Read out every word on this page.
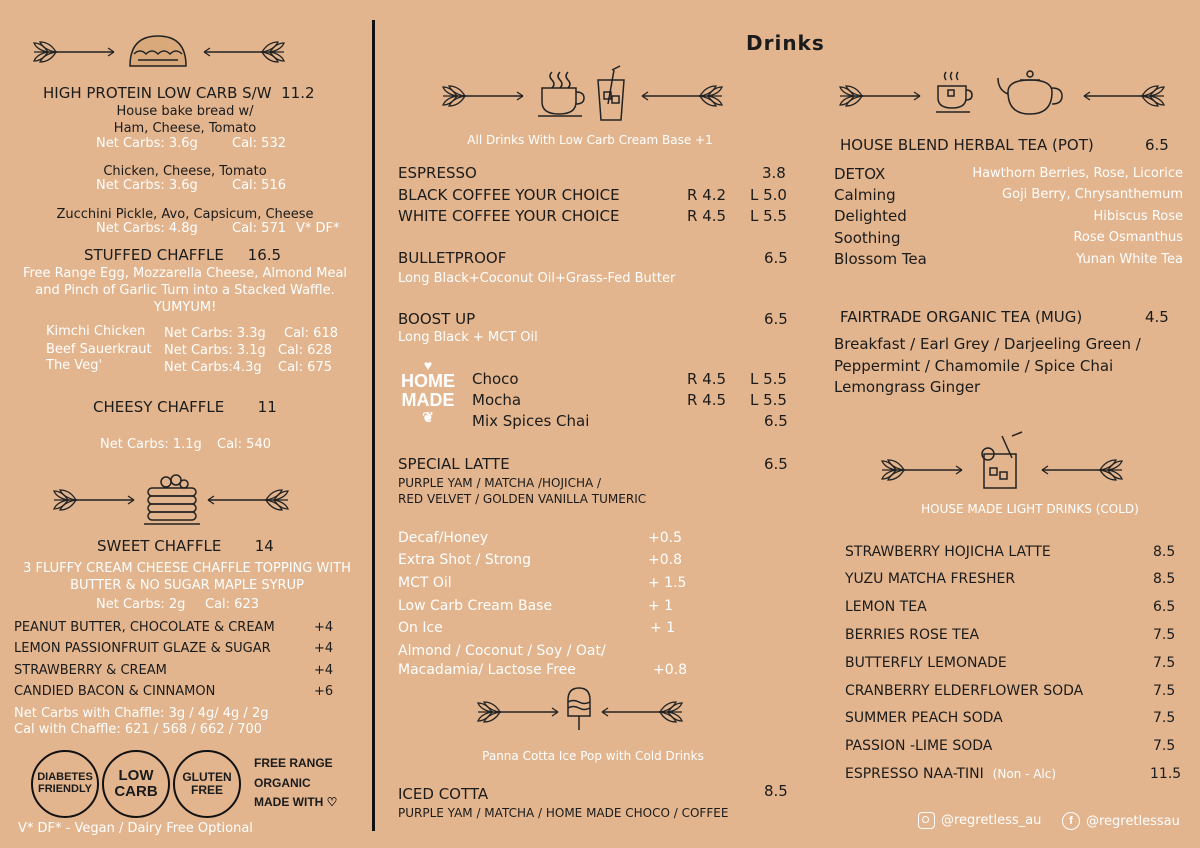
HIGH PROTEIN LOW CARB S/W 11.2
House bake bread w/
Ham, Cheese, Tomato
Net Carbs: 3.6g	Cal: 532
Chicken, Cheese, Tomato
Net Carbs: 3.6g	Cal: 516
Zucchini Pickle, Avo, Capsicum, Cheese
Net Carbs: 4.8g	Cal: 571 V* DF*
STUFFED CHAFFLE 16.5
Free Range Egg, Mozzarella Cheese, Almond Meal
and Pinch of Garlic Turn into a Stacked Waffle.
YUMYUM!
Kimchi Chicken Net Carbs: 3.3g Cal: 618
Beef Sauerkraut Net Carbs: 3.1g Cal: 628
The Veg'	Net Carbs:4.3g Cal: 675
CHEESY CHAFFLE 11
Net Carbs: 1.1g Cal: 540
SWEET CHAFFLE 14
3 FLUFFY CREAM CHEESE CHAFFLE TOPPING WITH
BUTTER & NO SUGAR MAPLE SYRUP
Net Carbs: 2g Cal: 623
PEANUT BUTTER, CHOCOLATE & CREAM	+4
LEMON PASSIONFRUIT GLAZE & SUGAR	+4
STRAWBERRY & CREAM	+4
CANDIED BACON & CINNAMON	+6
Net Carbs with Chaffle: 3g / 4g/ 4g / 2g
Cal with Chaffle: 621 / 568 / 662 / 700
DIABETES
FRIENDLY
LOW
CARB
GLUTEN
FREE
FREE RANGE
ORGANIC
MADE WITH ♡
V* DF* - Vegan / Dairy Free Optional
Drinks
All Drinks With Low Carb Cream Base +1
ESPRESSO	3.8
BLACK COFFEE YOUR CHOICE	R 4.2 L 5.0
WHITE COFFEE YOUR CHOICE	R 4.5 L 5.5
BULLETPROOF	6.5
Long Black+Coconut Oil+Grass-Fed Butter
BOOST UP	6.5
Long Black + MCT Oil
♥
HOME
MADE
❦
Choco	R 4.5 L 5.5
Mocha	R 4.5 L 5.5
Mix Spices Chai	6.5
SPECIAL LATTE	6.5
PURPLE YAM / MATCHA /HOJICHA /
RED VELVET / GOLDEN VANILLA TUMERIC
Decaf/Honey	+0.5
Extra Shot / Strong	+0.8
MCT Oil	+ 1.5
Low Carb Cream Base	+ 1
On Ice	+ 1
Almond / Coconut / Soy / Oat/
Macadamia/ Lactose Free	+0.8
Panna Cotta Ice Pop with Cold Drinks
ICED COTTA	8.5
PURPLE YAM / MATCHA / HOME MADE CHOCO / COFFEE
HOUSE BLEND HERBAL TEA (POT)	6.5
DETOX	Hawthorn Berries, Rose, Licorice
Calming	Goji Berry, Chrysanthemum
Delighted	Hibiscus Rose
Soothing	Rose Osmanthus
Blossom Tea	Yunan White Tea
FAIRTRADE ORGANIC TEA (MUG)	4.5
Breakfast / Earl Grey / Darjeeling Green /
Peppermint / Chamomile / Spice Chai
Lemongrass Ginger
HOUSE MADE LIGHT DRINKS (COLD)
STRAWBERRY HOJICHA LATTE	8.5
YUZU MATCHA FRESHER	8.5
LEMON TEA	6.5
BERRIES ROSE TEA	7.5
BUTTERFLY LEMONADE	7.5
CRANBERRY ELDERFLOWER SODA	7.5
SUMMER PEACH SODA	7.5
PASSION -LIME SODA	7.5
ESPRESSO NAA-TINI (Non - Alc)	11.5
@regretless_au	f	@regretlessau
